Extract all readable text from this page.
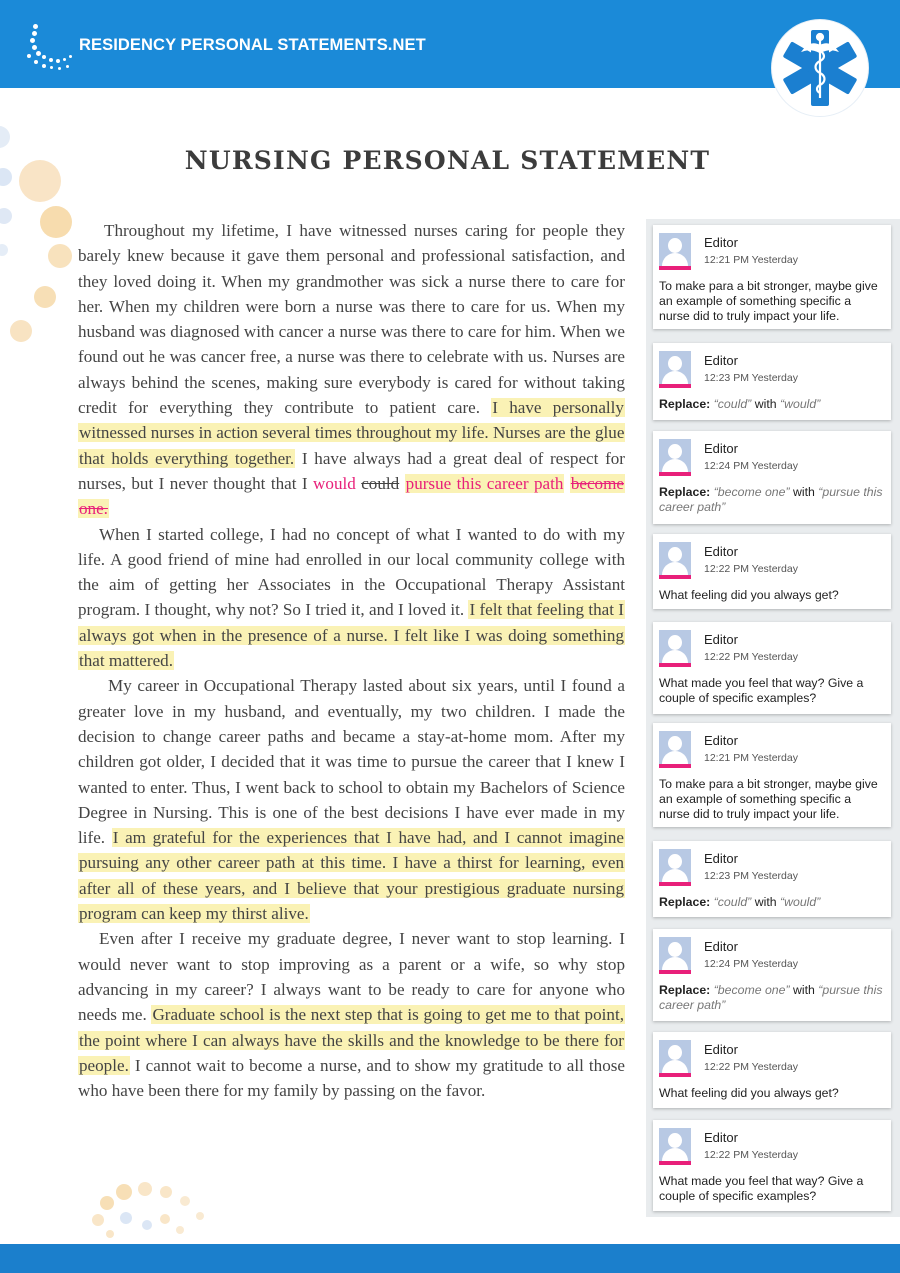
RESIDENCY PERSONAL STATEMENTS.NET
NURSING PERSONAL STATEMENT

Throughout my lifetime, I have witnessed nurses caring for people they barely knew because it gave them personal and professional satisfaction, and they loved doing it. When my grandmother was sick a nurse there to care for her. When my children were born a nurse was there to care for us. When my husband was diagnosed with cancer a nurse was there to care for him. When we found out he was cancer free, a nurse was there to celebrate with us. Nurses are always behind the scenes, making sure everybody is cared for without taking credit for everything they contribute to patient care. I have personally witnessed nurses in action several times throughout my life. Nurses are the glue that holds everything together. I have always had a great deal of respect for nurses, but I never thought that I would could pursue this career path become one.

When I started college, I had no concept of what I wanted to do with my life. A good friend of mine had enrolled in our local community college with the aim of getting her Associates in the Occupational Therapy Assistant program. I thought, why not? So I tried it, and I loved it. I felt that feeling that I always got when in the presence of a nurse. I felt like I was doing something that mattered.

My career in Occupational Therapy lasted about six years, until I found a greater love in my husband, and eventually, my two children. I made the decision to change career paths and became a stay-at-home mom. After my children got older, I decided that it was time to pursue the career that I knew I wanted to enter. Thus, I went back to school to obtain my Bachelors of Science Degree in Nursing. This is one of the best decisions I have ever made in my life. I am grateful for the experiences that I have had, and I cannot imagine pursuing any other career path at this time. I have a thirst for learning, even after all of these years, and I believe that your prestigious graduate nursing program can keep my thirst alive.

Even after I receive my graduate degree, I never want to stop learning. I would never want to stop improving as a parent or a wife, so why stop advancing in my career? I always want to be ready to care for anyone who needs me. Graduate school is the next step that is going to get me to that point, the point where I can always have the skills and the knowledge to be there for people. I cannot wait to become a nurse, and to show my gratitude to all those who have been there for my family by passing on the favor.

Editor
12:21 PM Yesterday
To make para a bit stronger, maybe give an example of something specific a nurse did to truly impact your life.
Editor
12:23 PM Yesterday
Replace: “could” with “would”
Editor
12:24 PM Yesterday
Replace: “become one” with “pursue this career path”
Editor
12:22 PM Yesterday
What feeling did you always get?
Editor
12:22 PM Yesterday
What made you feel that way? Give a couple of specific examples?
Editor
12:21 PM Yesterday
To make para a bit stronger, maybe give an example of something specific a nurse did to truly impact your life.
Editor
12:23 PM Yesterday
Replace: “could” with “would”
Editor
12:24 PM Yesterday
Replace: “become one” with “pursue this career path”
Editor
12:22 PM Yesterday
What feeling did you always get?
Editor
12:22 PM Yesterday
What made you feel that way? Give a couple of specific examples?
